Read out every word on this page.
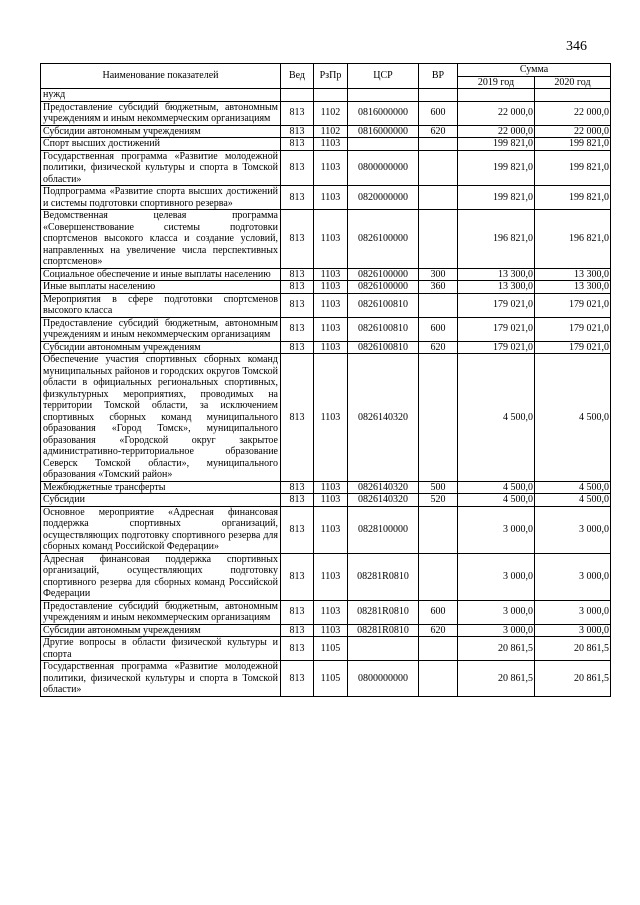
346
Наименование показателей	Вед	РзПр	ЦСР	ВР	Сумма	
					2019 год	2020 год
нужд						
Предоставление субсидий бюджетным, автономным учреждениям и иным некоммерческим организациям	813	1102	0816000000	600	22 000,0	22 000,0
Субсидии автономным учреждениям	813	1102	0816000000	620	22 000,0	22 000,0
Спорт высших достижений	813	1103			199 821,0	199 821,0
Государственная программа «Развитие молодежной политики, физической культуры и спорта в Томской области»	813	1103	0800000000		199 821,0	199 821,0
Подпрограмма «Развитие спорта высших достижений и системы подготовки спортивного резерва»	813	1103	0820000000		199 821,0	199 821,0
Ведомственная целевая программа «Совершенствование системы подготовки спортсменов высокого класса и создание условий, направленных на увеличение числа перспективных спортсменов»	813	1103	0826100000		196 821,0	196 821,0
Социальное обеспечение и иные выплаты населению	813	1103	0826100000	300	13 300,0	13 300,0
Иные выплаты населению	813	1103	0826100000	360	13 300,0	13 300,0
Мероприятия в сфере подготовки спортсменов высокого класса	813	1103	0826100810		179 021,0	179 021,0
Предоставление субсидий бюджетным, автономным учреждениям и иным некоммерческим организациям	813	1103	0826100810	600	179 021,0	179 021,0
Субсидии автономным учреждениям	813	1103	0826100810	620	179 021,0	179 021,0
Обеспечение участия спортивных сборных команд муниципальных районов и городских округов Томской области в официальных региональных спортивных, физкультурных мероприятиях, проводимых на территории Томской области, за исключением спортивных сборных команд муниципального образования «Город Томск», муниципального образования «Городской округ закрытое административно-территориальное образование Северск Томской области», муниципального образования «Томский район»	813	1103	0826140320		4 500,0	4 500,0
Межбюджетные трансферты	813	1103	0826140320	500	4 500,0	4 500,0
Субсидии	813	1103	0826140320	520	4 500,0	4 500,0
Основное мероприятие «Адресная финансовая поддержка спортивных организаций, осуществляющих подготовку спортивного резерва для сборных команд Российской Федерации»	813	1103	0828100000		3 000,0	3 000,0
Адресная финансовая поддержка спортивных организаций, осуществляющих подготовку спортивного резерва для сборных команд Российской Федерации	813	1103	08281R0810		3 000,0	3 000,0
Предоставление субсидий бюджетным, автономным учреждениям и иным некоммерческим организациям	813	1103	08281R0810	600	3 000,0	3 000,0
Субсидии автономным учреждениям	813	1103	08281R0810	620	3 000,0	3 000,0
Другие вопросы в области физической культуры и спорта	813	1105			20 861,5	20 861,5
Государственная программа «Развитие молодежной политики, физической культуры и спорта в Томской области»	813	1105	0800000000		20 861,5	20 861,5
